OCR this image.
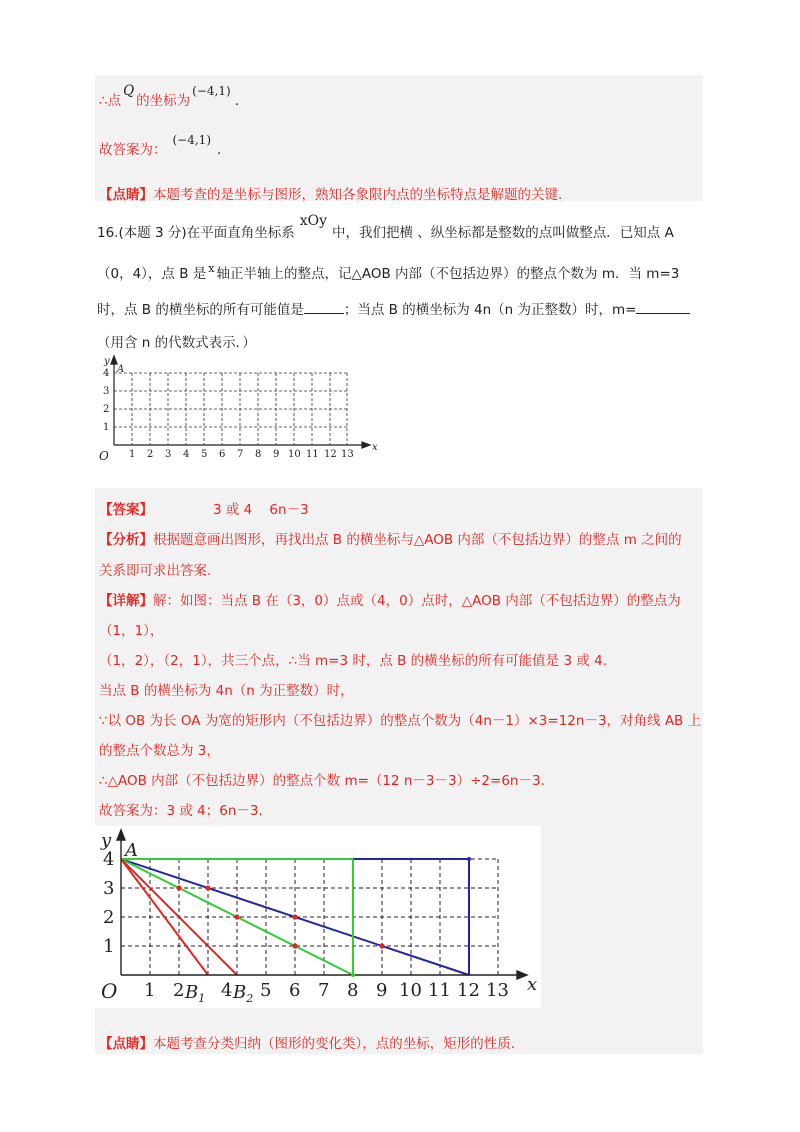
∴点Q的坐标为(−4,1).
故答案为：(−4,1).
【点睛】本题考查的是坐标与图形，熟知各象限内点的坐标特点是解题的关键.
16.(本题 3 分)在平面直角坐标系xOy中，我们把横 、纵坐标都是整数的点叫做整点．已知点 A
（0，4），点 B 是 $^x$ 轴正半轴上的整点，记△AOB 内部（不包括边界）的整点个数为 m．当 m=3
时，点 B 的横坐标的所有可能值是	；当点 B 的横坐标为 4n（n 为正整数）时，m=
（用含 n 的代数式表示．）
y
x
O
A
4
3
2
1
1 2 3 4 5 6 7 8 9 10 11 12 13
【答案】	3 或 4    6n－3
【分析】根据题意画出图形，再找出点 B 的横坐标与△AOB 内部（不包括边界）的整点 m 之间的
关系即可求出答案.
【详解】解：如图：当点 B 在（3，0）点或（4，0）点时，△AOB 内部（不包括边界）的整点为
（1，1），
（1，2），（2，1），共三个点，∴当 m=3 时，点 B 的横坐标的所有可能值是 3 或 4.
当点 B 的横坐标为 4n（n 为正整数）时，
∵以 OB 为长 OA 为宽的矩形内（不包括边界）的整点个数为（4n－1）×3=12n－3，对角线 AB 上
的整点个数总为 3，
∴△AOB 内部（不包括边界）的整点个数 m=（12 n－3－3）÷2=6n－3.
故答案为：3 或 4；6n－3.
y
x
O
A
4
3
2
1
1 2 $B_1$ 4 $B_2$ 5 6 7 8 9 10 11 12 13
【点睛】本题考查分类归纳（图形的变化类），点的坐标，矩形的性质.
